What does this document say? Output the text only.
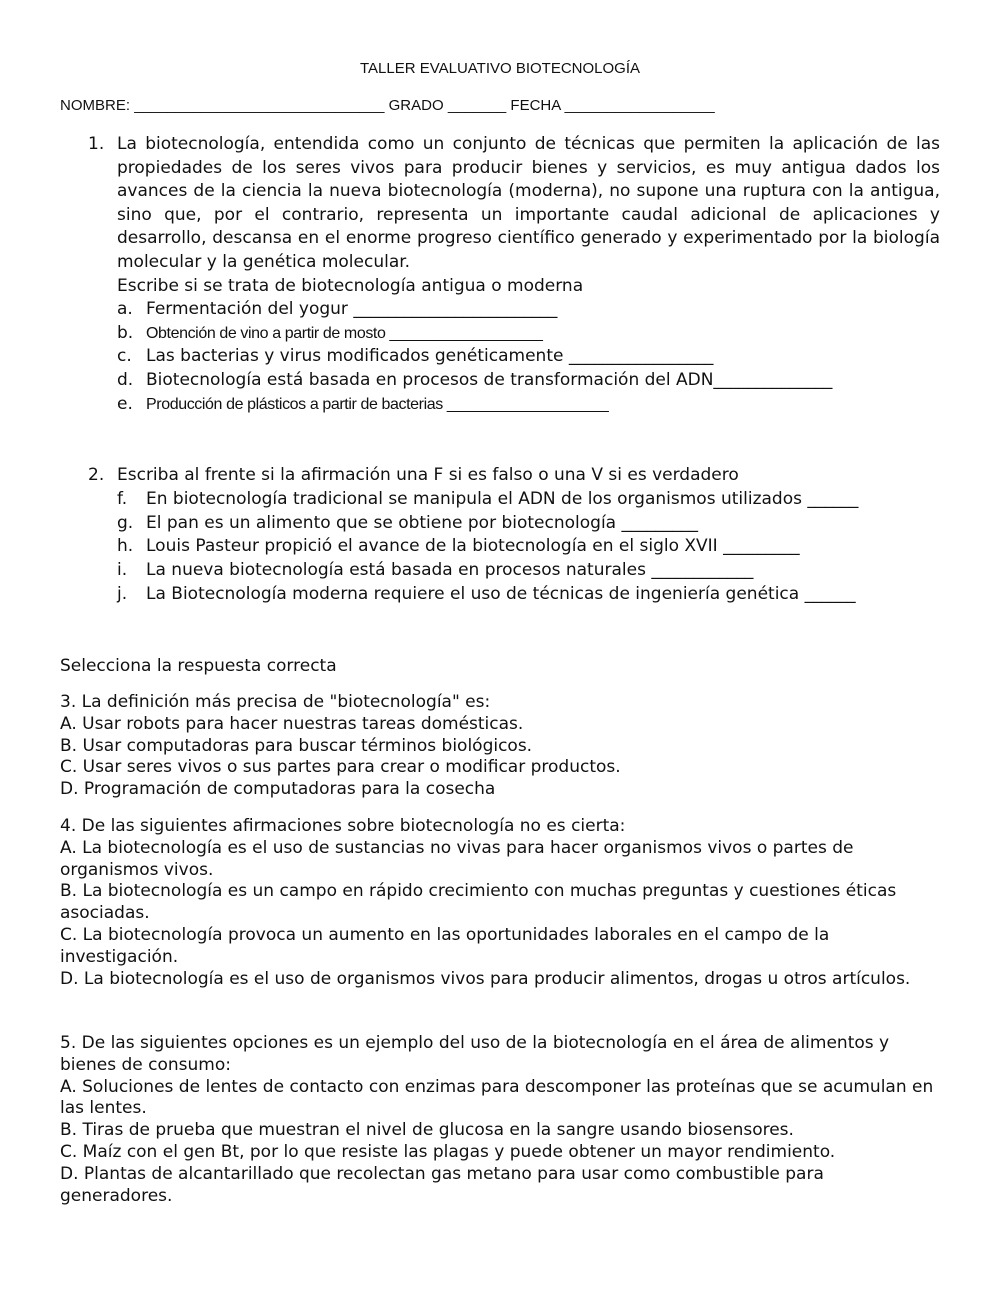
TALLER EVALUATIVO BIOTECNOLOGÍA
NOMBRE: ______________________________ GRADO _______ FECHA __________________
1. La biotecnología, entendida como un conjunto de técnicas que permiten la aplicación de las propiedades de los seres vivos para producir bienes y servicios, es muy antigua dados los avances de la ciencia la nueva biotecnología (moderna), no supone una ruptura con la antigua, sino que, por el contrario, representa un importante caudal adicional de aplicaciones y desarrollo, descansa en el enorme progreso científico generado y experimentado por la biología molecular y la genética molecular.
Escribe si se trata de biotecnología antigua o moderna
a. Fermentación del yogur ________________________
b. Obtención de vino a partir de mosto __________________
c. Las bacterias y virus modificados genéticamente _________________
d. Biotecnología está basada en procesos de transformación del ADN______________
e. Producción de plásticos a partir de bacterias ___________________
2. Escriba al frente si la afirmación una F si es falso o una V si es verdadero
f. En biotecnología tradicional se manipula el ADN de los organismos utilizados ______
g. El pan es un alimento que se obtiene por biotecnología _________
h. Louis Pasteur propició el avance de la biotecnología en el siglo XVII _________
i. La nueva biotecnología está basada en procesos naturales ____________
j. La Biotecnología moderna requiere el uso de técnicas de ingeniería genética ______
Selecciona la respuesta correcta
3. La definición más precisa de "biotecnología" es:
A. Usar robots para hacer nuestras tareas domésticas.
B. Usar computadoras para buscar términos biológicos.
C. Usar seres vivos o sus partes para crear o modificar productos.
D. Programación de computadoras para la cosecha
4. De las siguientes afirmaciones sobre biotecnología no es cierta:
A. La biotecnología es el uso de sustancias no vivas para hacer organismos vivos o partes de organismos vivos.
B. La biotecnología es un campo en rápido crecimiento con muchas preguntas y cuestiones éticas asociadas.
C. La biotecnología provoca un aumento en las oportunidades laborales en el campo de la investigación.
D. La biotecnología es el uso de organismos vivos para producir alimentos, drogas u otros artículos.
5. De las siguientes opciones es un ejemplo del uso de la biotecnología en el área de alimentos y bienes de consumo:
A. Soluciones de lentes de contacto con enzimas para descomponer las proteínas que se acumulan en las lentes.
B. Tiras de prueba que muestran el nivel de glucosa en la sangre usando biosensores.
C. Maíz con el gen Bt, por lo que resiste las plagas y puede obtener un mayor rendimiento.
D. Plantas de alcantarillado que recolectan gas metano para usar como combustible para generadores.
